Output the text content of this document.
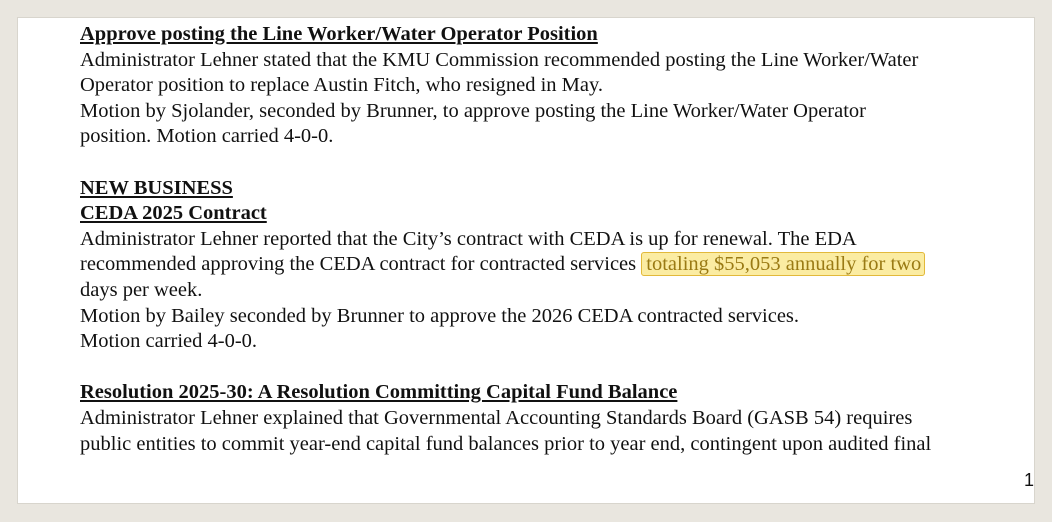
Approve posting the Line Worker/Water Operator Position
Administrator Lehner stated that the KMU Commission recommended posting the Line Worker/Water
Operator position to replace Austin Fitch, who resigned in May.
Motion by Sjolander, seconded by Brunner, to approve posting the Line Worker/Water Operator
position. Motion carried 4-0-0.
NEW BUSINESS
CEDA 2025 Contract
Administrator Lehner reported that the City’s contract with CEDA is up for renewal. The EDA
recommended approving the CEDA contract for contracted services totaling $55,053 annually for two
days per week.
Motion by Bailey seconded by Brunner to approve the 2026 CEDA contracted services.
Motion carried 4-0-0.
Resolution 2025-30: A Resolution Committing Capital Fund Balance
Administrator Lehner explained that Governmental Accounting Standards Board (GASB 54) requires
public entities to commit year-end capital fund balances prior to year end, contingent upon audited final
1
